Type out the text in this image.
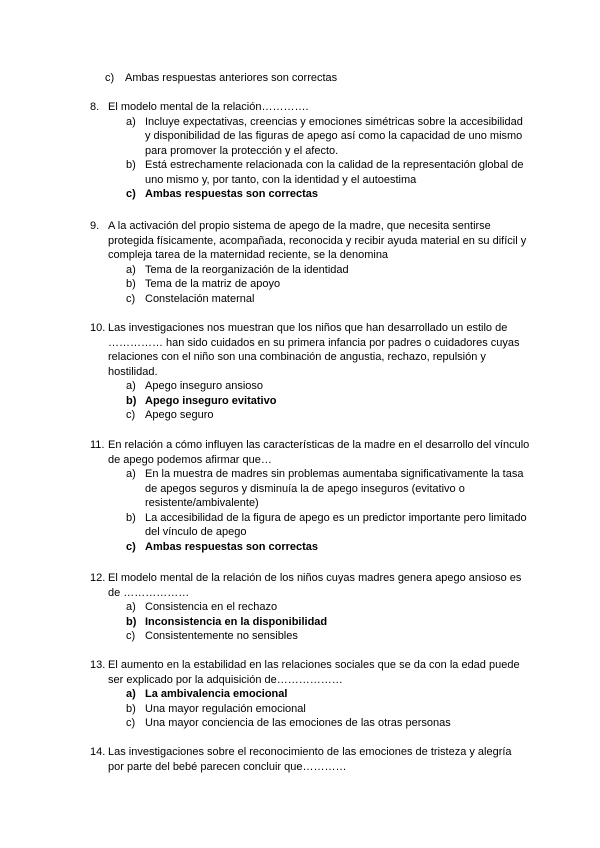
c) Ambas respuestas anteriores son correctas
8. El modelo mental de la relación………….
a) Incluye expectativas, creencias y emociones simétricas sobre la accesibilidad y disponibilidad de las figuras de apego así como la capacidad de uno mismo para promover la protección y el afecto.
b) Está estrechamente relacionada con la calidad de la representación global de uno mismo y, por tanto, con la identidad y el autoestima
c) Ambas respuestas son correctas
9. A la activación del propio sistema de apego de la madre, que necesita sentirse protegida físicamente, acompañada, reconocida y recibir ayuda material en su difícil y compleja tarea de la maternidad reciente, se la denomina
a) Tema de la reorganización de la identidad
b) Tema de la matriz de apoyo
c) Constelación maternal
10. Las investigaciones nos muestran que los niños que han desarrollado un estilo de …………… han sido cuidados en su primera infancia por padres o cuidadores cuyas relaciones con el niño son una combinación de angustia, rechazo, repulsión y hostilidad.
a) Apego inseguro ansioso
b) Apego inseguro evitativo
c) Apego seguro
11. En relación a cómo influyen las características de la madre en el desarrollo del vínculo de apego podemos afirmar que…
a) En la muestra de madres sin problemas aumentaba significativamente la tasa de apegos seguros y disminuía la de apego inseguros (evitativo o resistente/ambivalente)
b) La accesibilidad de la figura de apego es un predictor importante pero limitado del vínculo de apego
c) Ambas respuestas son correctas
12. El modelo mental de la relación de los niños cuyas madres genera apego ansioso es de ………………
a) Consistencia en el rechazo
b) Inconsistencia en la disponibilidad
c) Consistentemente no sensibles
13. El aumento en la estabilidad en las relaciones sociales que se da con la edad puede ser explicado por la adquisición de………………
a) La ambivalencia emocional
b) Una mayor regulación emocional
c) Una mayor conciencia de las emociones de las otras personas
14. Las investigaciones sobre el reconocimiento de las emociones de tristeza y alegría por parte del bebé parecen concluir que…………
